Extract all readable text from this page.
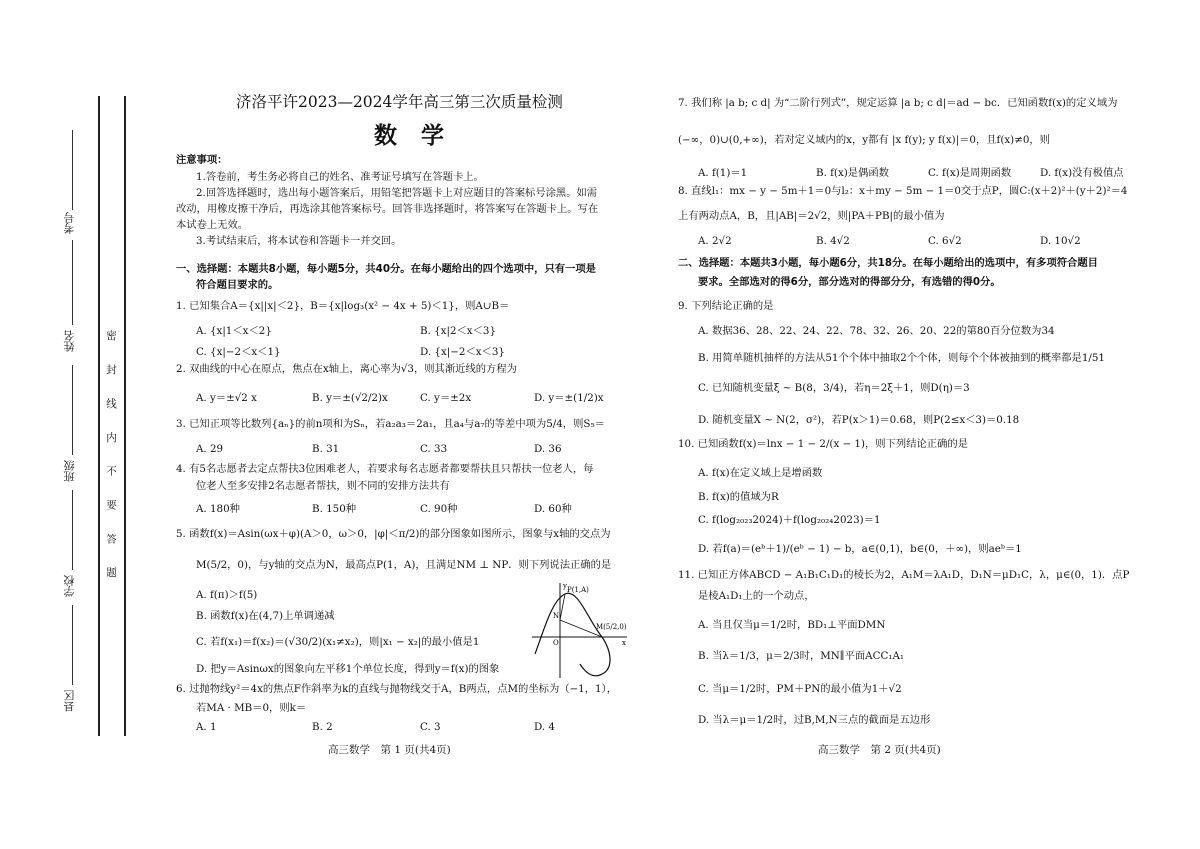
密 封 线 内 不 要 答 题
考号
姓名
班级
学校
县区
济洛平许2023—2024学年高三第三次质量检测
数 学
注意事项：
1.答卷前，考生务必将自己的姓名、准考证号填写在答题卡上。
2.回答选择题时，选出每小题答案后，用铅笔把答题卡上对应题目的答案标号涂黑。如需
改动，用橡皮擦干净后，再选涂其他答案标号。回答非选择题时，将答案写在答题卡上。写在
本试卷上无效。
3.考试结束后，将本试卷和答题卡一并交回。
一、选择题：本题共8小题，每小题5分，共40分。在每小题给出的四个选项中，只有一项是
符合题目要求的。
1. 已知集合A＝{x||x|＜2}，B＝{x|log₃(x² − 4x + 5)＜1}，则A∪B＝
A. {x|1＜x＜2}	B. {x|2＜x＜3}
C. {x|−2＜x＜1}	D. {x|−2＜x＜3}
2. 双曲线的中心在原点，焦点在x轴上，离心率为√3，则其渐近线的方程为
A. y＝±√2 x	B. y＝±(√2/2)x	C. y＝±2x	D. y＝±(1/2)x
3. 已知正项等比数列{aₙ}的前n项和为Sₙ，若a₂a₃＝2a₁，且a₄与a₇的等差中项为5/4，则S₅＝
A. 29	B. 31	C. 33	D. 36
4. 有5名志愿者去定点帮扶3位困难老人，若要求每名志愿者都要帮扶且只帮扶一位老人，每
位老人至多安排2名志愿者帮扶，则不同的安排方法共有
A. 180种	B. 150种	C. 90种	D. 60种
5. 函数f(x)＝Asin(ωx＋φ)(A＞0，ω＞0，|φ|＜π/2)的部分图象如图所示，图象与x轴的交点为
M(5/2，0)，与y轴的交点为N，最高点P(1，A)，且满足NM ⊥ NP．则下列说法正确的是
A. f(π)＞f(5)
B. 函数f(x)在(4,7)上单调递减
C. 若f(x₁)＝f(x₂)＝(√30/2)(x₁≠x₂)，则|x₁ − x₂|的最小值是1
D. 把y＝Asinωx的图象向左平移1个单位长度，得到y＝f(x)的图象
P(1,A)
M(5/2,0)
N
O	x
y
6. 过抛物线y²＝4x的焦点F作斜率为k的直线与抛物线交于A，B两点，点M的坐标为（−1，1），
若MA · MB＝0，则k＝
A. 1	B. 2	C. 3	D. 4
高三数学　第 1 页(共4页)
7. 我们称 |a b; c d| 为“二阶行列式”，规定运算 |a b; c d|＝ad − bc．已知函数f(x)的定义域为
(−∞，0)∪(0,+∞)，若对定义域内的x，y都有 |x f(y); y f(x)|＝0，且f(x)≠0，则
A. f(1)＝1	B. f(x)是偶函数	C. f(x)是周期函数	D. f(x)没有极值点
8. 直线l₁：mx − y − 5m＋1＝0与l₂：x＋my − 5m − 1＝0交于点P，圆C:(x＋2)²＋(y＋2)²＝4
上有两动点A，B，且|AB|＝2√2，则|PA＋PB|的最小值为
A. 2√2	B. 4√2	C. 6√2	D. 10√2
二、选择题：本题共3小题，每小题6分，共18分。在每小题给出的选项中，有多项符合题目
要求。全部选对的得6分，部分选对的得部分分，有选错的得0分。
9. 下列结论正确的是
A. 数据36、28、22、24、22、78、32、26、20、22的第80百分位数为34
B. 用简单随机抽样的方法从51个个体中抽取2个个体，则每个个体被抽到的概率都是1/51
C. 已知随机变量ξ ~ B(8，3/4)，若η＝2ξ＋1，则D(η)＝3
D. 随机变量X ~ N(2，σ²)，若P(x＞1)＝0.68，则P(2≤x＜3)＝0.18
10. 已知函数f(x)＝lnx − 1 − 2/(x − 1)，则下列结论正确的是
A. f(x)在定义域上是增函数
B. f(x)的值域为R
C. f(log₂₀₂₃2024)＋f(log₂₀₂₄2023)＝1
D. 若f(a)＝(eᵇ＋1)/(eᵇ − 1) − b，a∈(0,1)，b∈(0，＋∞)，则aeᵇ＝1
11. 已知正方体ABCD − A₁B₁C₁D₁的棱长为2，A₁M＝λA₁D，D₁N＝μD₁C，λ，μ∈(0，1)．点P
是棱A₁D₁上的一个动点，
A. 当且仅当μ＝1/2时，BD₁⊥平面DMN
B. 当λ＝1/3，μ＝2/3时，MN∥平面ACC₁A₁
C. 当μ＝1/2时，PM＋PN的最小值为1＋√2
D. 当λ＝μ＝1/2时，过B,M,N三点的截面是五边形
高三数学　第 2 页(共4页)
